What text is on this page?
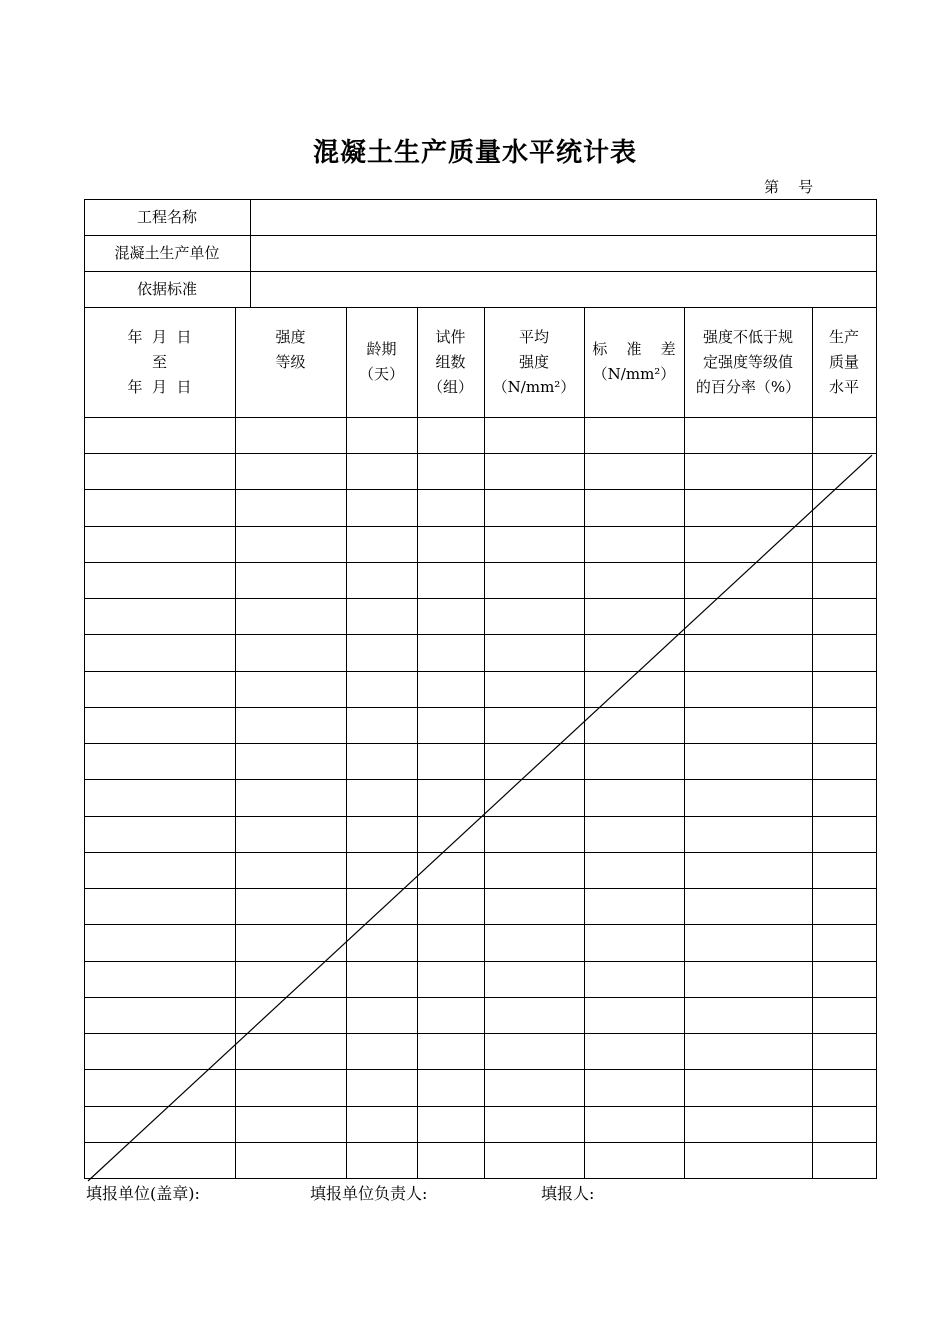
混凝土生产质量水平统计表
第    号
工程名称
混凝土生产单位
依据标准
年  月  日
至
年  月  日
强度
等级

龄期
（天）
试件
组数
（组）
平均
强度
（N/mm²）
标    准    差
（N/mm²）
强度不低于规
定强度等级值
的百分率（%）
生产
质量
水平
填报单位(盖章):	填报单位负责人:	填报人:
